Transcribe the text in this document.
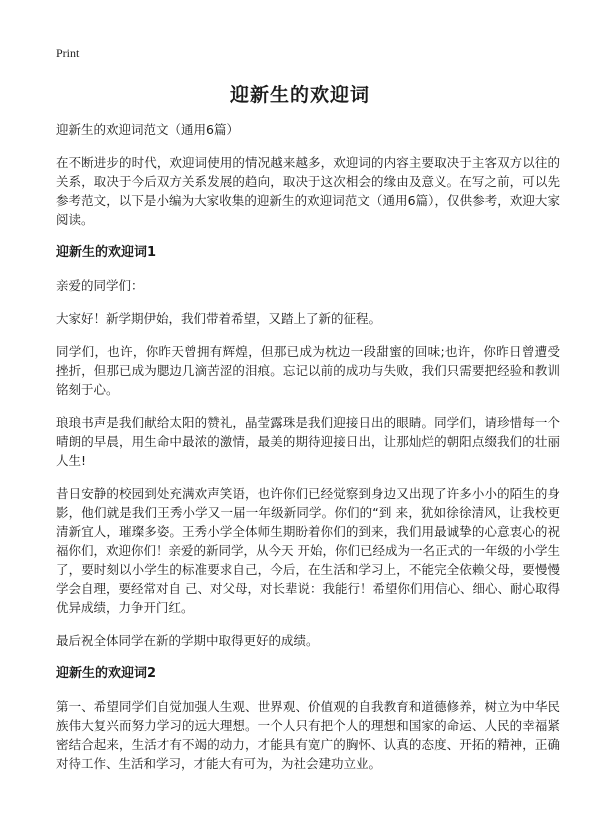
Print
迎新生的欢迎词
迎新生的欢迎词范文（通用6篇）

在不断进步的时代，欢迎词使用的情况越来越多，欢迎词的内容主要取决于主客双方以往的关系，取决于今后双方关系发展的趋向，取决于这次相会的缘由及意义。在写之前，可以先参考范文，以下是小编为大家收集的迎新生的欢迎词范文（通用6篇），仅供参考，欢迎大家阅读。

迎新生的欢迎词1

亲爱的同学们：

大家好！新学期伊始，我们带着希望，又踏上了新的征程。

同学们，也许，你昨天曾拥有辉煌，但那已成为枕边一段甜蜜的回味;也许，你昨日曾遭受挫折，但那已成为腮边几滴苦涩的泪痕。忘记以前的成功与失败，我们只需要把经验和教训铭刻于心。

琅琅书声是我们献给太阳的赞礼，晶莹露珠是我们迎接日出的眼睛。同学们，请珍惜每一个晴朗的早晨，用生命中最浓的激情，最美的期待迎接日出，让那灿烂的朝阳点缀我们的壮丽人生!

昔日安静的校园到处充满欢声笑语，也许你们已经觉察到身边又出现了许多小小的陌生的身影，他们就是我们王秀小学又一届一年级新同学。你们的“到 来，犹如徐徐清风，让我校更清新宜人，璀璨多姿。王秀小学全体师生期盼着你们的到来，我们用最诚挚的心意衷心的祝福你们，欢迎你们！亲爱的新同学，从今天 开始，你们已经成为一名正式的一年级的小学生了，要时刻以小学生的标准要求自己，今后，在生活和学习上，不能完全依赖父母，要慢慢学会自理，要经常对自 己、对父母，对长辈说：我能行！希望你们用信心、细心、耐心取得优异成绩，力争开门红。

最后祝全体同学在新的学期中取得更好的成绩。

迎新生的欢迎词2

第一、希望同学们自觉加强人生观、世界观、价值观的自我教育和道德修养，树立为中华民族伟大复兴而努力学习的远大理想。一个人只有把个人的理想和国家的命运、人民的幸福紧密结合起来，生活才有不竭的动力，才能具有宽广的胸怀、认真的态度、开拓的精神，正确对待工作、生活和学习，才能大有可为，为社会建功立业。
